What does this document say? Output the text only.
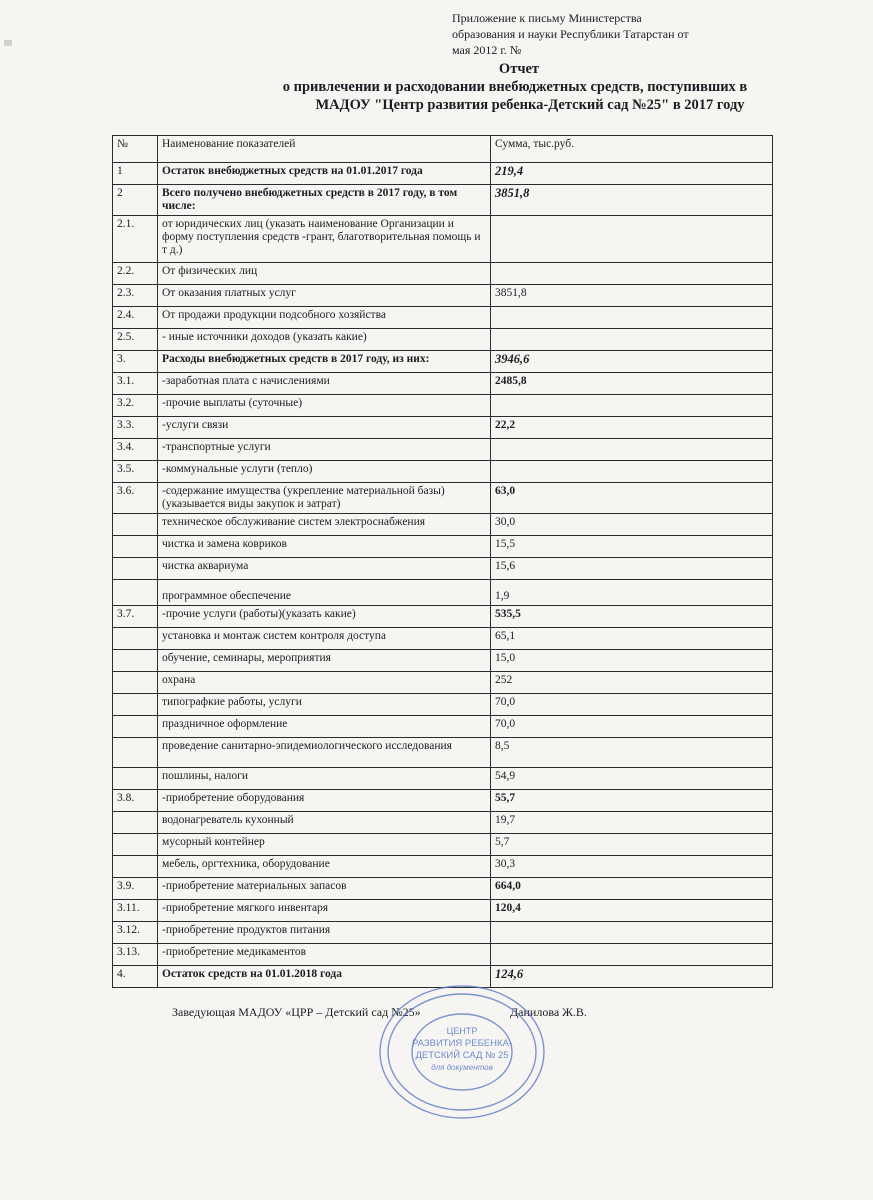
Приложение к письму Министерства
образования и науки Республики Татарстан от
мая 2012 г. №
Отчет
о привлечении и расходовании внебюджетных средств, поступивших в
МАДОУ "Центр развития ребенка-Детский сад №25" в 2017 году
№	Наименование показателей	Сумма, тыс.руб.
1	Остаток внебюджетных средств на 01.01.2017 года	219,4
2	Всего получено внебюджетных средств в 2017 году, в том числе:	3851,8
2.1.	от юридических лиц (указать наименование Организации и форму поступления средств -грант, благотворительная помощь и т д.)	
2.2.	От физических лиц	
2.3.	От оказания платных услуг	3851,8
2.4.	От продажи продукции подсобного хозяйства	
2.5.	- иные источники доходов (указать какие)	
3.	Расходы внебюджетных средств в 2017 году, из них:	3946,6
3.1.	-заработная плата с начислениями	2485,8
3.2.	-прочие выплаты (суточные)	
3.3.	-услуги связи	22,2
3.4.	-транспортные услуги	
3.5.	-коммунальные услуги (тепло)	
3.6.	-содержание имущества (укрепление материальной базы) (указывается виды закупок и затрат)	63,0
	техническое обслуживание систем электроснабжения	30,0
	чистка и замена ковриков	15,5
	чистка аквариума	15,6
	программное обеспечение	1,9
3.7.	-прочие услуги (работы)(указать какие)	535,5
	установка и монтаж систем контроля доступа	65,1
	обучение, семинары, мероприятия	15,0
	охрана	252
	типографкие работы, услуги	70,0
	праздничное оформление	70,0
	проведение санитарно-эпидемиологического исследования	8,5
	пошлины, налоги	54,9
3.8.	-приобретение оборудования	55,7
	водонагреватель кухонный	19,7
	мусорный контейнер	5,7
	мебель, оргтехника, оборудование	30,3
3.9.	-приобретение материальных запасов	664,0
3.11.	-приобретение мягкого инвентаря	120,4
3.12.	-приобретение продуктов питания	
3.13.	-приобретение медикаментов	
4.	Остаток средств на 01.01.2018 года	124,6
Заведующая МАДОУ «ЦРР – Детский сад №25»	Данилова Ж.В.
ЦЕНТР
РАЗВИТИЯ РЕБЕНКА-
ДЕТСКИЙ САД № 25
для документов
